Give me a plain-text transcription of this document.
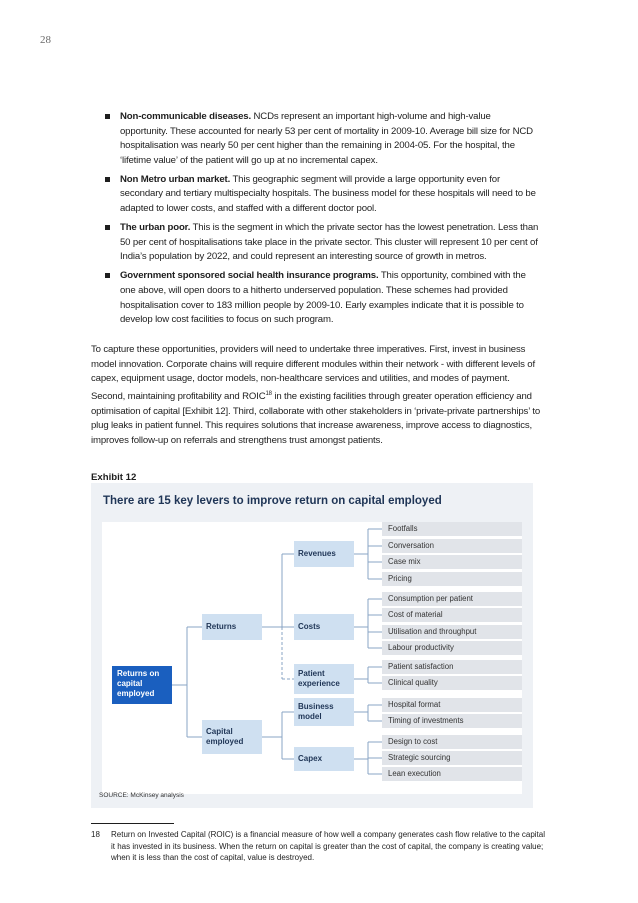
28
Non-communicable diseases. NCDs represent an important high-volume and high-value opportunity. These accounted for nearly 53 per cent of mortality in 2009-10. Average bill size for NCD hospitalisation was nearly 50 per cent higher than the remaining in 2004-05. For the hospital, the ‘lifetime value’ of the patient will go up at no incremental capex.
Non Metro urban market. This geographic segment will provide a large opportunity even for secondary and tertiary multispecialty hospitals. The business model for these hospitals will need to be adapted to lower costs, and staffed with a different doctor pool.
The urban poor. This is the segment in which the private sector has the lowest penetration. Less than 50 per cent of hospitalisations take place in the private sector. This cluster will represent 10 per cent of India’s population by 2022, and could represent an interesting source of growth in metros.
Government sponsored social health insurance programs. This opportunity, combined with the one above, will open doors to a hitherto underserved population. These schemes had provided hospitalisation cover to 183 million people by 2009-10. Early examples indicate that it is possible to develop low cost facilities to focus on such program.

To capture these opportunities, providers will need to undertake three imperatives. First, invest in business model innovation. Corporate chains will require different modules within their network - with different levels of capex, equipment usage, doctor models, non-healthcare services and utilities, and modes of payment. Second, maintaining profitability and ROIC$^{18}$ in the existing facilities through greater operation efficiency and optimisation of capital [Exhibit 12]. Third, collaborate with other stakeholders in ‘private-private partnerships’ to plug leaks in patient funnel. This requires solutions that increase awareness, improve access to diagnostics, improves follow-up on referrals and strengthens trust amongst patients.

Exhibit 12
There are 15 key levers to improve return on capital employed
Returns on capital employed
Returns
Capital employed
Revenues
Costs
Patient experience
Business model
Capex
Footfalls
Conversation
Case mix
Pricing
Consumption per patient
Cost of material
Utilisation and throughput
Labour productivity
Patient satisfaction
Clinical quality
Hospital format
Timing of investments
Design to cost
Strategic sourcing
Lean execution
SOURCE: McKinsey analysis
18	Return on Invested Capital (ROIC) is a financial measure of how well a company generates cash flow relative to the capital it has invested in its business. When the return on capital is greater than the cost of capital, the company is creating value; when it is less than the cost of capital, value is destroyed.
